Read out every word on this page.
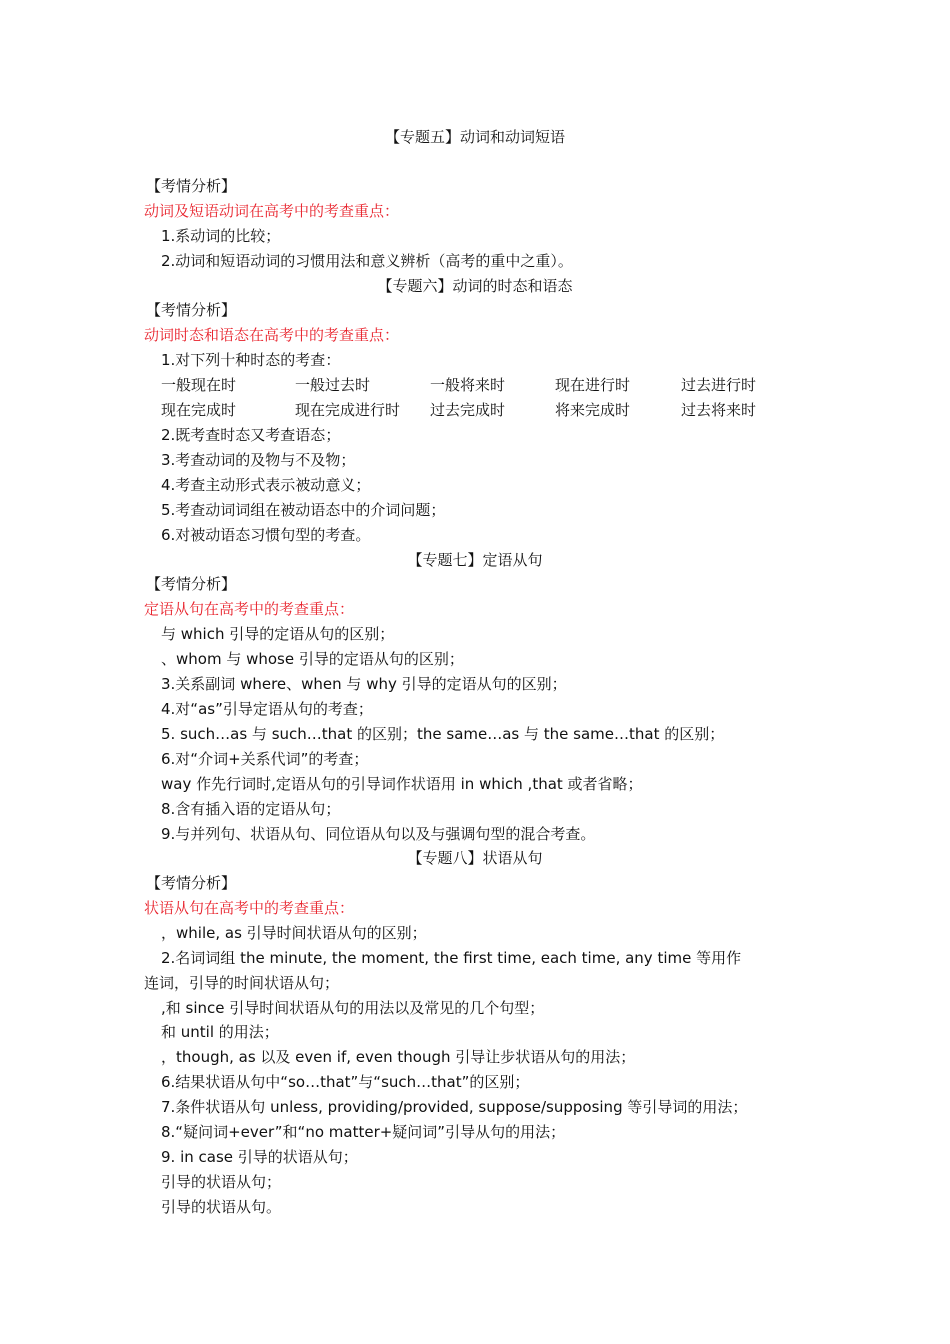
【专题五】动词和动词短语
【考情分析】
动词及短语动词在高考中的考查重点：
1.系动词的比较；
2.动词和短语动词的习惯用法和意义辨析（高考的重中之重）。
【专题六】动词的时态和语态
【考情分析】
动词时态和语态在高考中的考查重点：
1.对下列十种时态的考查：
一般现在时	一般过去时	一般将来时	现在进行时	过去进行时
现在完成时	现在完成进行时 过去完成时	将来完成时	过去将来时
2.既考查时态又考查语态；
3.考查动词的及物与不及物；
4.考查主动形式表示被动意义；
5.考查动词词组在被动语态中的介词问题；
6.对被动语态习惯句型的考查。
【专题七】定语从句
【考情分析】
定语从句在高考中的考查重点：
与 which 引导的定语从句的区别；
、whom 与 whose 引导的定语从句的区别；
3.关系副词 where、when 与 why 引导的定语从句的区别；
4.对“as”引导定语从句的考查；
5. such…as 与 such…that 的区别；the same…as 与 the same…that 的区别；
6.对“介词+关系代词”的考查；
way 作先行词时,定语从句的引导词作状语用 in which ,that 或者省略；
8.含有插入语的定语从句；
9.与并列句、状语从句、同位语从句以及与强调句型的混合考查。
【专题八】状语从句
【考情分析】
状语从句在高考中的考查重点：
，while, as 引导时间状语从句的区别；
2.名词词组 the minute, the moment, the first time, each time, any time 等用作
连词，引导的时间状语从句；
,和 since 引导时间状语从句的用法以及常见的几个句型；
和 until 的用法；
，though, as 以及 even if, even though 引导让步状语从句的用法；
6.结果状语从句中“so…that”与“such…that”的区别；
7.条件状语从句 unless, providing/provided, suppose/supposing 等引导词的用法；
8.“疑问词+ever”和“no matter+疑问词”引导从句的用法；
9. in case 引导的状语从句；
引导的状语从句；
引导的状语从句。
